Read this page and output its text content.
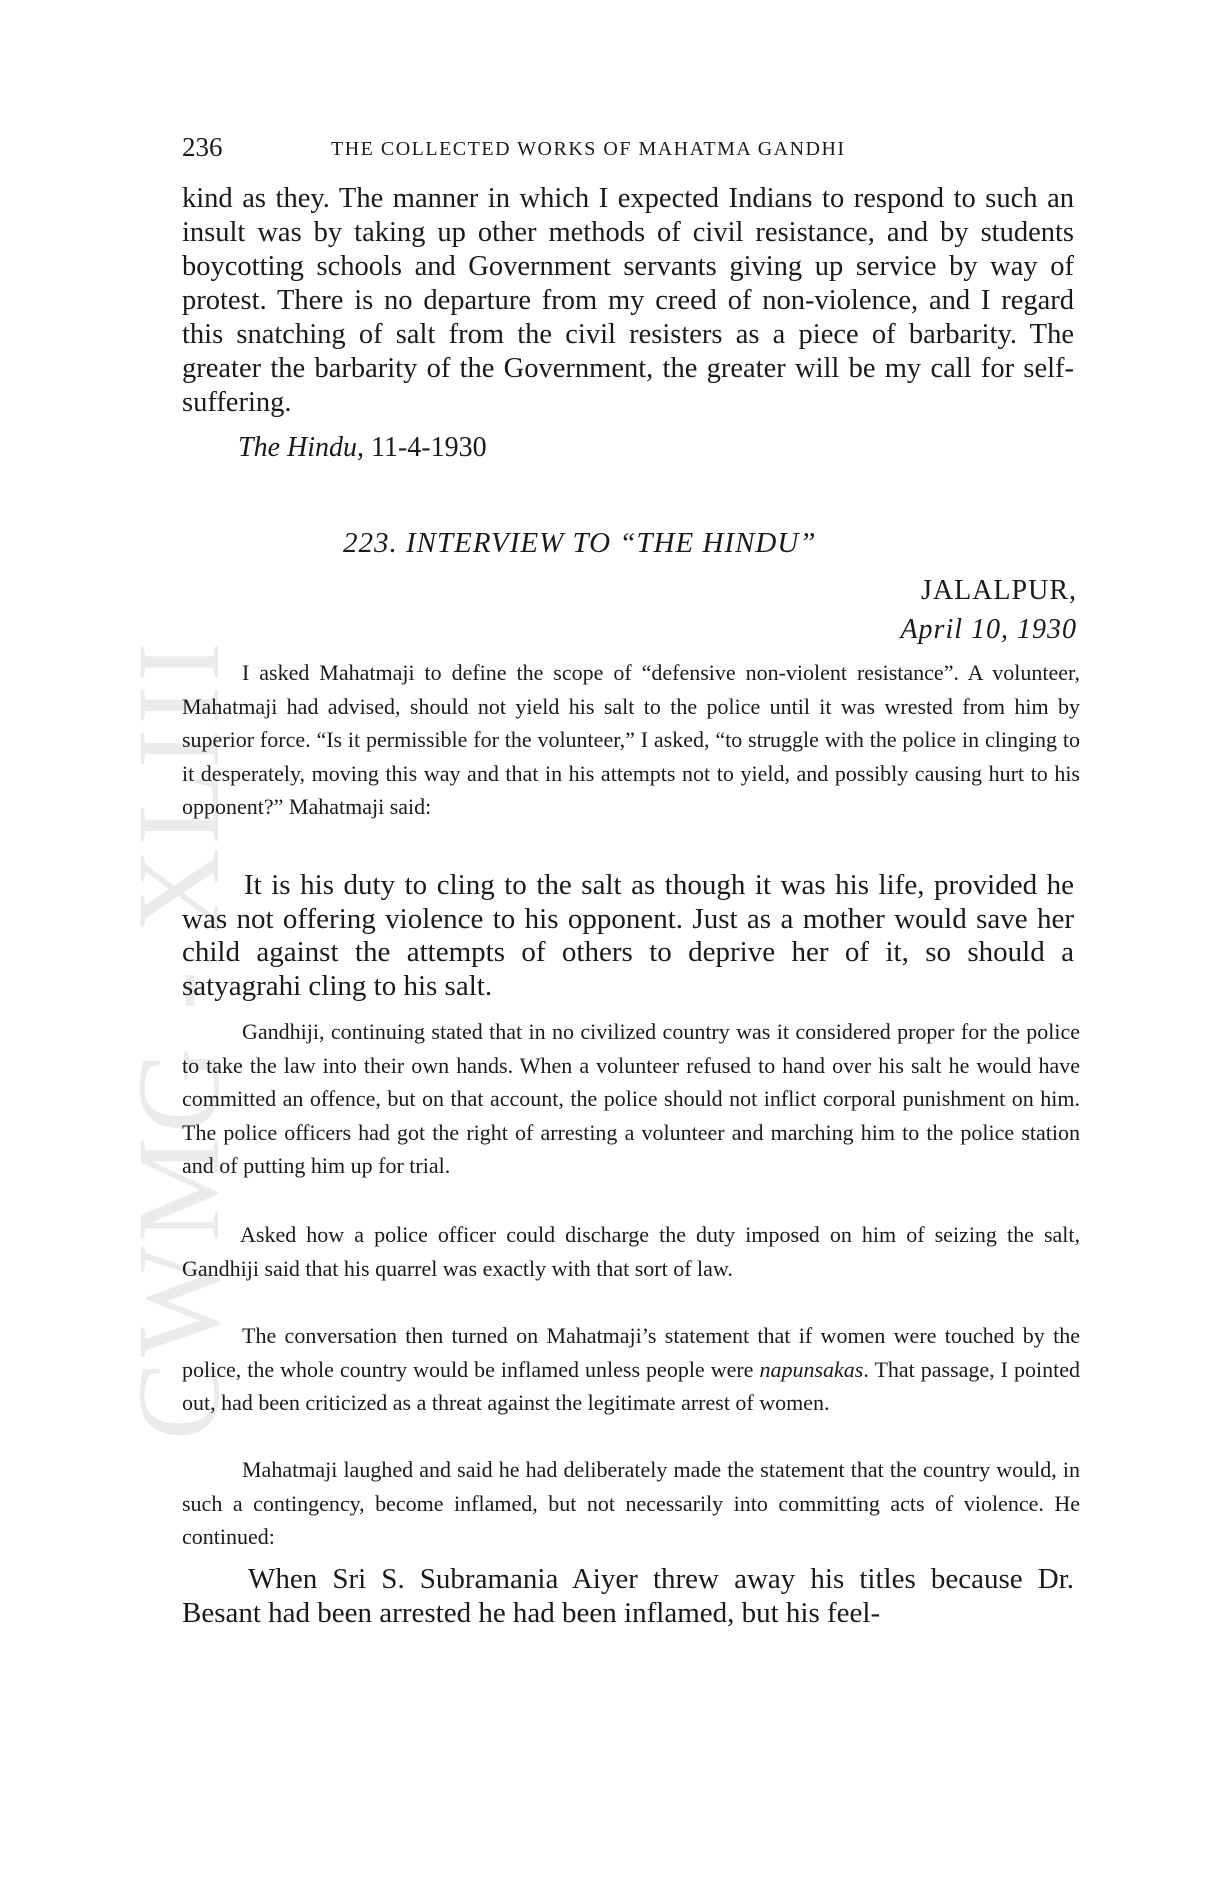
CWMG - XLIII
236	THE COLLECTED WORKS OF MAHATMA GANDHI

kind as they. The manner in which I expected Indians to respond to such an insult was by taking up other methods of civil resistance, and by students boycotting schools and Government servants giving up service by way of protest. There is no departure from my creed of non-violence, and I regard this snatching of salt from the civil resisters as a piece of barbarity. The greater the barbarity of the Government, the greater will be my call for self-suffering.

The Hindu, 11-4-1930
223. INTERVIEW TO “THE HINDU”
JALALPUR,
April 10, 1930

I asked Mahatmaji to define the scope of “defensive non-violent resistance”. A volunteer, Mahatmaji had advised, should not yield his salt to the police until it was wrested from him by superior force. “Is it permissible for the volunteer,” I asked, “to struggle with the police in clinging to it desperately, moving this way and that in his attempts not to yield, and possibly causing hurt to his opponent?” Mahatmaji said:

It is his duty to cling to the salt as though it was his life, provided he was not offering violence to his opponent. Just as a mother would save her child against the attempts of others to deprive her of it, so should a satyagrahi cling to his salt.

Gandhiji, continuing stated that in no civilized country was it considered proper for the police to take the law into their own hands. When a volunteer refused to hand over his salt he would have committed an offence, but on that account, the police should not inflict corporal punishment on him. The police officers had got the right of arresting a volunteer and marching him to the police station and of putting him up for trial.

Asked how a police officer could discharge the duty imposed on him of seizing the salt, Gandhiji said that his quarrel was exactly with that sort of law.

The conversation then turned on Mahatmaji’s statement that if women were touched by the police, the whole country would be inflamed unless people were napunsakas. That passage, I pointed out, had been criticized as a threat against the legitimate arrest of women.

Mahatmaji laughed and said he had deliberately made the statement that the country would, in such a contingency, become inflamed, but not necessarily into committing acts of violence. He continued:

When Sri S. Subramania Aiyer threw away his titles because Dr. Besant had been arrested he had been inflamed, but his feel-
